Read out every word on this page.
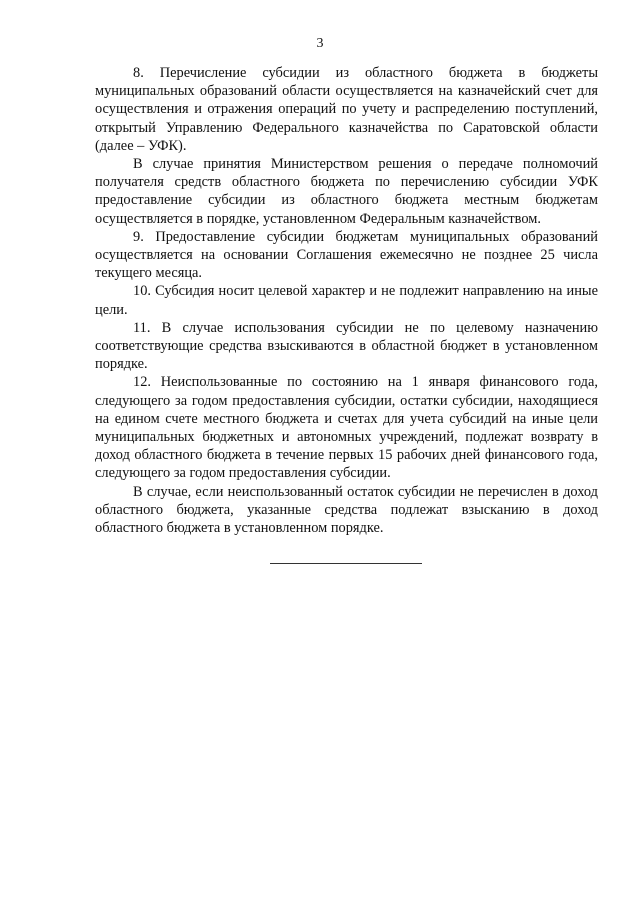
3

8. Перечисление субсидии из областного бюджета в бюджеты муниципальных образований области осуществляется на казначейский счет для осуществления и отражения операций по учету и распределению поступлений, открытый Управлению Федерального казначейства по Саратовской области (далее – УФК).

В случае принятия Министерством решения о передаче полномочий получателя средств областного бюджета по перечислению субсидии УФК предоставление субсидии из областного бюджета местным бюджетам осуществляется в порядке, установленном Федеральным казначейством.

9. Предоставление субсидии бюджетам муниципальных образований осуществляется на основании Соглашения ежемесячно не позднее 25 числа текущего месяца.

10. Субсидия носит целевой характер и не подлежит направлению на иные цели.

11. В случае использования субсидии не по целевому назначению соответствующие средства взыскиваются в областной бюджет в установленном порядке.

12. Неиспользованные по состоянию на 1 января финансового года, следующего за годом предоставления субсидии, остатки субсидии, находящиеся на едином счете местного бюджета и счетах для учета субсидий на иные цели муниципальных бюджетных и автономных учреждений, подлежат возврату в доход областного бюджета в течение первых 15 рабочих дней финансового года, следующего за годом предоставления субсидии.

В случае, если неиспользованный остаток субсидии не перечислен в доход областного бюджета, указанные средства подлежат взысканию в доход областного бюджета в установленном порядке.
